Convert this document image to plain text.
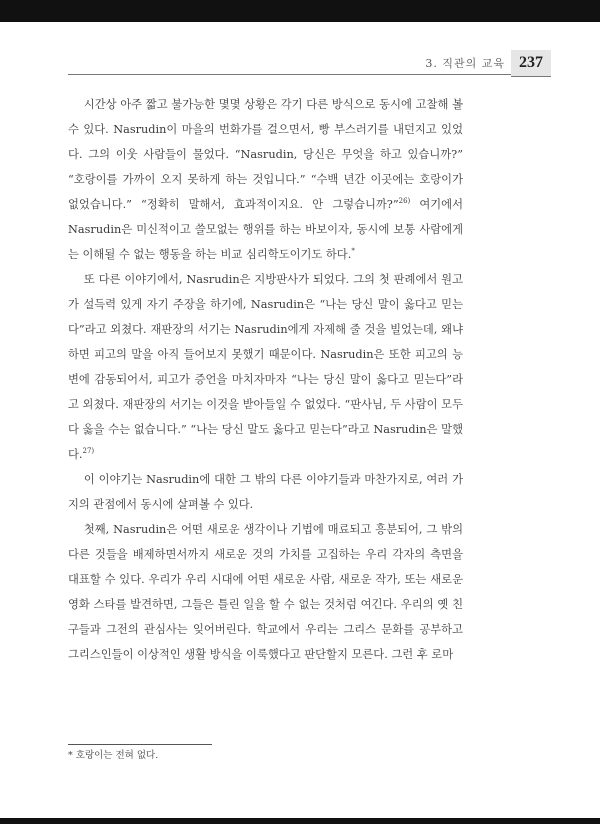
3. 직관의 교육 237

시간상 아주 짧고 불가능한 몇몇 상황은 각기 다른 방식으로 동시에 고찰해 볼 수 있다. Nasrudin이 마을의 번화가를 걸으면서, 빵 부스러기를 내던지고 있었다. 그의 이웃 사람들이 물었다. “Nasrudin, 당신은 무엇을 하고 있습니까?” “호랑이를 가까이 오지 못하게 하는 것입니다.” “수백 년간 이곳에는 호랑이가 없었습니다.” “정확히 말해서, 효과적이지요. 안 그렇습니까?”$^{26)}$ 여기에서 Nasrudin은 미신적이고 쓸모없는 행위를 하는 바보이자, 동시에 보통 사람에게는 이해될 수 없는 행동을 하는 비교 심리학도이기도 하다.*

또 다른 이야기에서, Nasrudin은 지방판사가 되었다. 그의 첫 판례에서 원고가 설득력 있게 자기 주장을 하기에, Nasrudin은 “나는 당신 말이 옳다고 믿는다”라고 외쳤다. 재판장의 서기는 Nasrudin에게 자제해 줄 것을 빌었는데, 왜냐하면 피고의 말을 아직 들어보지 못했기 때문이다. Nasrudin은 또한 피고의 능변에 감동되어서, 피고가 증언을 마치자마자 “나는 당신 말이 옳다고 믿는다”라고 외쳤다. 재판장의 서기는 이것을 받아들일 수 없었다. “판사님, 두 사람이 모두 다 옳을 수는 없습니다.” “나는 당신 말도 옳다고 믿는다”라고 Nasrudin은 말했다.$^{27)}$

이 이야기는 Nasrudin에 대한 그 밖의 다른 이야기들과 마찬가지로, 여러 가지의 관점에서 동시에 살펴볼 수 있다.

첫째, Nasrudin은 어떤 새로운 생각이나 기법에 매료되고 흥분되어, 그 밖의 다른 것들을 배제하면서까지 새로운 것의 가치를 고집하는 우리 각자의 측면을 대표할 수 있다. 우리가 우리 시대에 어떤 새로운 사람, 새로운 작가, 또는 새로운 영화 스타를 발견하면, 그들은 틀린 일을 할 수 없는 것처럼 여긴다. 우리의 옛 친구들과 그전의 관심사는 잊어버린다. 학교에서 우리는 그리스 문화를 공부하고 그리스인들이 이상적인 생활 방식을 이룩했다고 판단할지 모른다. 그런 후 로마

* 호랑이는 전혀 없다.
